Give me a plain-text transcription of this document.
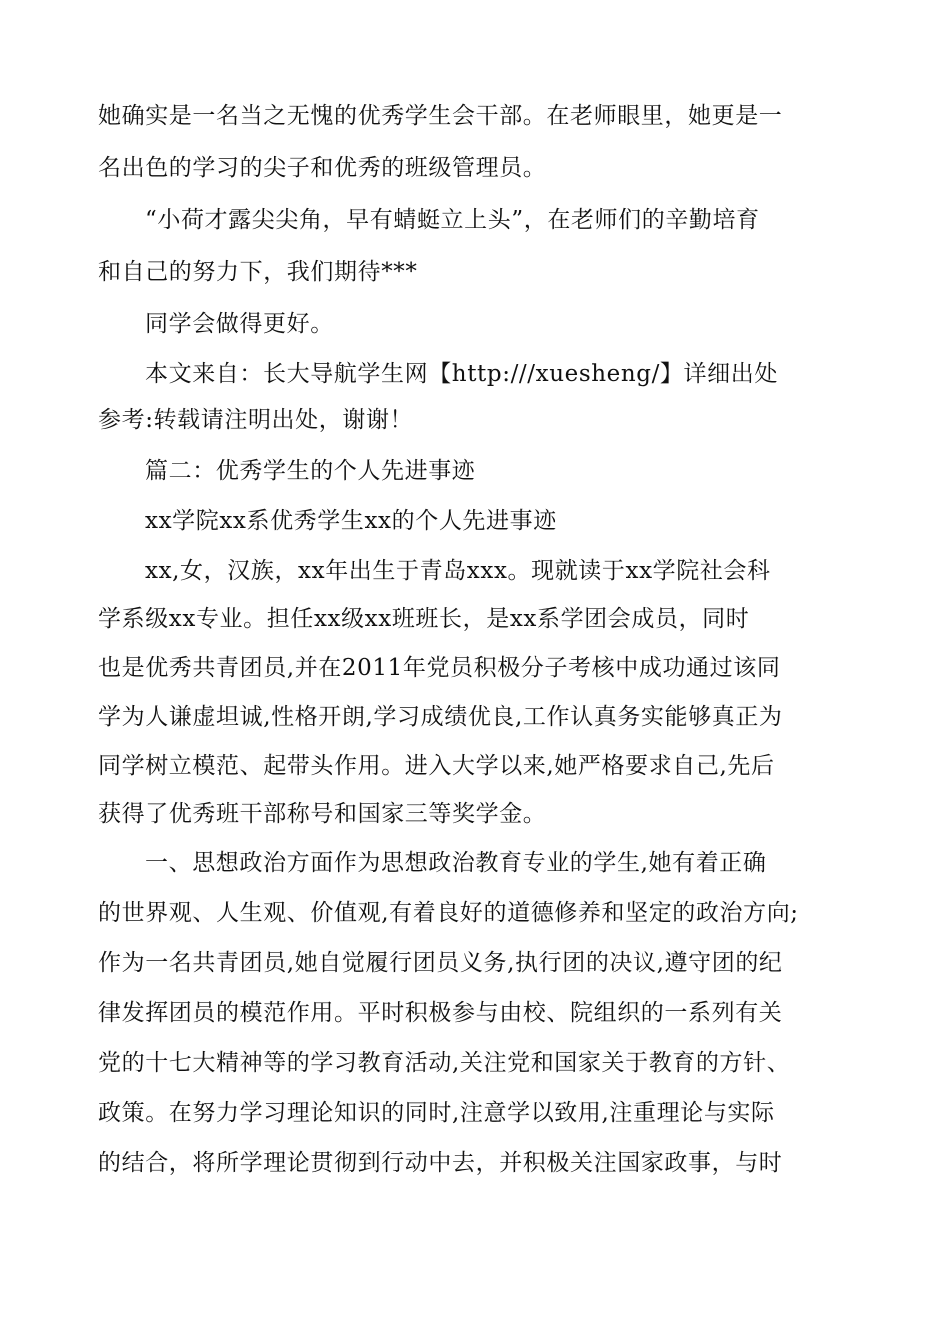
她确实是一名当之无愧的优秀学生会干部。在老师眼里，她更是一
名出色的学习的尖子和优秀的班级管理员。
“小荷才露尖尖角，早有蜻蜓立上头”，在老师们的辛勤培育
和自己的努力下，我们期待***
同学会做得更好。
本文来自：长大导航学生网【http:///xuesheng/】详细出处
参考:转载请注明出处，谢谢！
篇二：优秀学生的个人先进事迹
xx学院xx系优秀学生xx的个人先进事迹
xx,女，汉族，xx年出生于青岛xxx。现就读于xx学院社会科
学系级xx专业。担任xx级xx班班长，是xx系学团会成员，同时
也是优秀共青团员,并在2011年党员积极分子考核中成功通过该同
学为人谦虚坦诚,性格开朗,学习成绩优良,工作认真务实能够真正为
同学树立模范、起带头作用。进入大学以来,她严格要求自己,先后
获得了优秀班干部称号和国家三等奖学金。
一、思想政治方面作为思想政治教育专业的学生,她有着正确
的世界观、人生观、价值观,有着良好的道德修养和坚定的政治方向;
作为一名共青团员,她自觉履行团员义务,执行团的决议,遵守团的纪
律发挥团员的模范作用。平时积极参与由校、院组织的一系列有关
党的十七大精神等的学习教育活动,关注党和国家关于教育的方针、
政策。在努力学习理论知识的同时,注意学以致用,注重理论与实际
的结合，将所学理论贯彻到行动中去，并积极关注国家政事，与时
